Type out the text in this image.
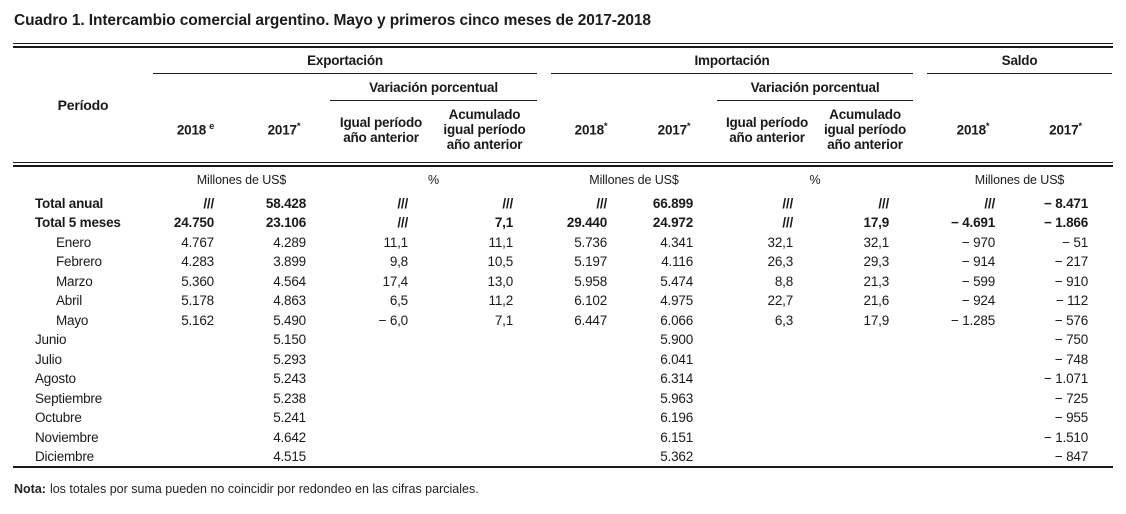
Cuadro 1. Intercambio comercial argentino. Mayo y primeros cinco meses de 2017-2018
Período	Exportación					Importación					Saldo	
			Variación porcentual					Variación porcentual				
	2018 $^e$	2017*	Igual período año anterior	Acumulado igual período año anterior		2018*	2017*	Igual período año anterior	Acumulado igual período año anterior		2018*	2017*
	Millones de US$		%			Millones de US$		%			Millones de US$	
Total anual	///	58.428	///	///		///	66.899	///	///		///	− 8.471
Total 5 meses	24.750	23.106	///	7,1		29.440	24.972	///	17,9		− 4.691	− 1.866
Enero	4.767	4.289	11,1	11,1		5.736	4.341	32,1	32,1		− 970	− 51
Febrero	4.283	3.899	9,8	10,5		5.197	4.116	26,3	29,3		− 914	− 217
Marzo	5.360	4.564	17,4	13,0		5.958	5.474	8,8	21,3		− 599	− 910
Abril	5.178	4.863	6,5	11,2		6.102	4.975	22,7	21,6		− 924	− 112
Mayo	5.162	5.490	− 6,0	7,1		6.447	6.066	6,3	17,9		− 1.285	− 576
Junio		5.150					5.900					− 750
Julio		5.293					6.041					− 748
Agosto		5.243					6.314					− 1.071
Septiembre		5.238					5.963					− 725
Octubre		5.241					6.196					− 955
Noviembre		4.642					6.151					− 1.510
Diciembre		4.515					5.362					− 847
Nota: los totales por suma pueden no coincidir por redondeo en las cifras parciales.
